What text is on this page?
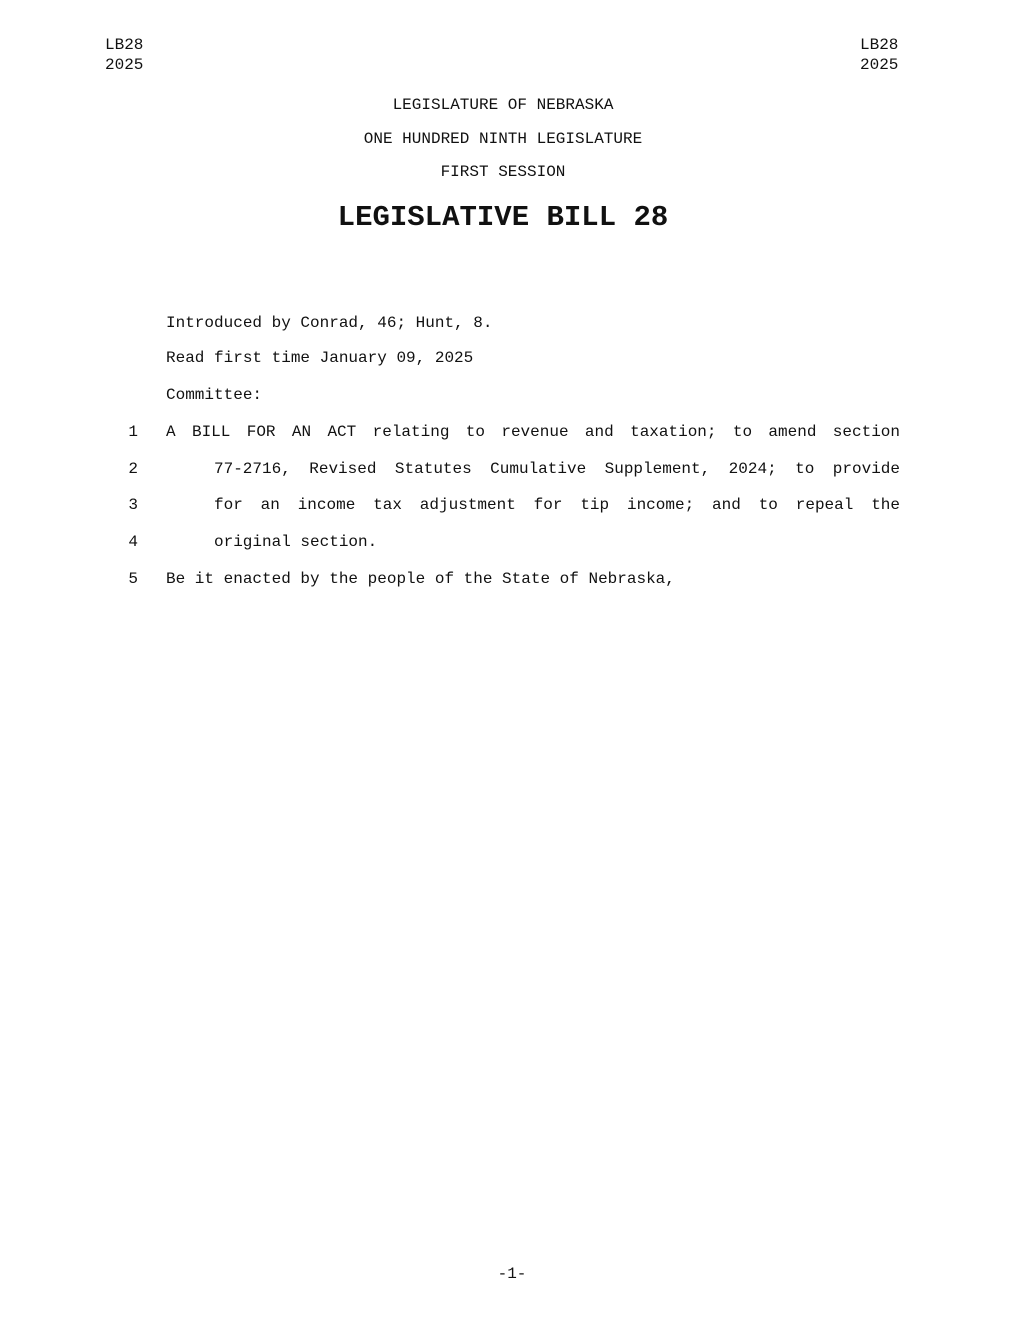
LB28
2025
LB28
2025
LEGISLATURE OF NEBRASKA
ONE HUNDRED NINTH LEGISLATURE
FIRST SESSION
LEGISLATIVE BILL 28
Introduced by Conrad, 46; Hunt, 8.
Read first time January 09, 2025
Committee:
1 A BILL FOR AN ACT relating to revenue and taxation; to amend section
2	77-2716, Revised Statutes Cumulative Supplement, 2024; to provide
3	for an income tax adjustment for tip income; and to repeal the
4	original section.
5 Be it enacted by the people of the State of Nebraska,
-1-
